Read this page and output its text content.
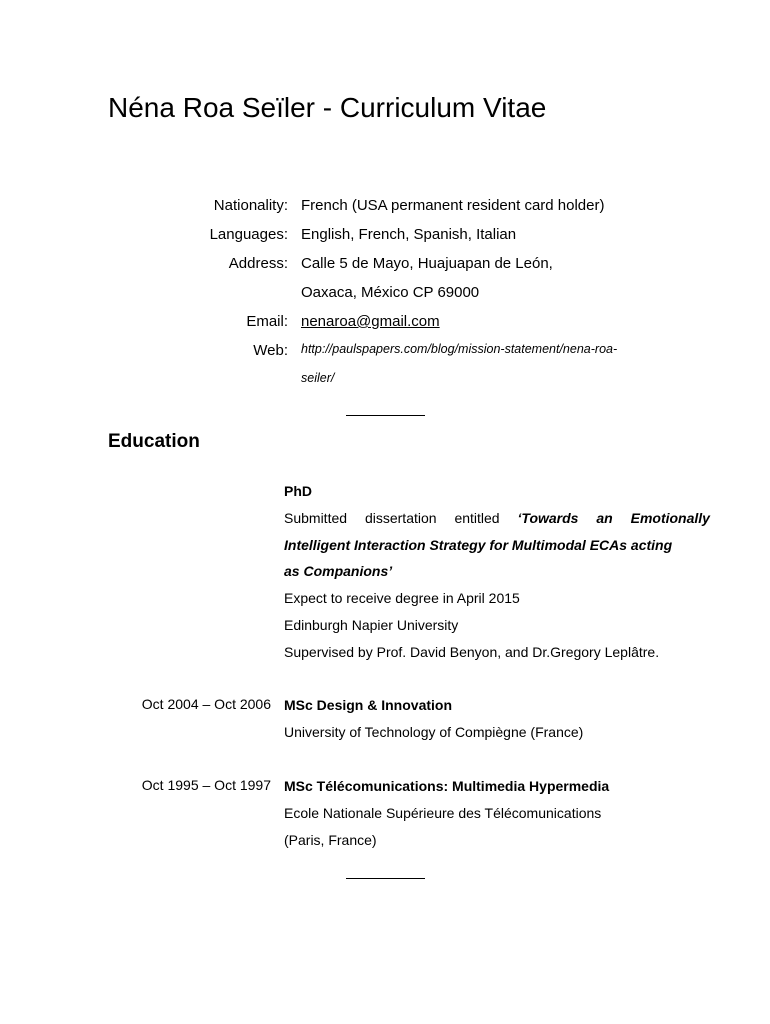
Néna Roa Seïler - Curriculum Vitae
Nationality: French (USA permanent resident card holder)
Languages: English, French, Spanish, Italian
Address: Calle 5 de Mayo, Huajuapan de León,
Oaxaca, México CP 69000
Email: nenaroa@gmail.com
Web: http://paulspapers.com/blog/mission-statement/nena-roa-
seiler/
Education
PhD
Submitted dissertation entitled ‘Towards an Emotionally
Intelligent Interaction Strategy for Multimodal ECAs acting
as Companions’
Expect to receive degree in April 2015
Edinburgh Napier University
Supervised by Prof. David Benyon, and Dr.Gregory Leplâtre.
Oct 2004 – Oct 2006 MSc Design & Innovation
University of Technology of Compiègne (France)
Oct 1995 – Oct 1997 MSc Télécomunications: Multimedia Hypermedia
Ecole Nationale Supérieure des Télécomunications
(Paris, France)
